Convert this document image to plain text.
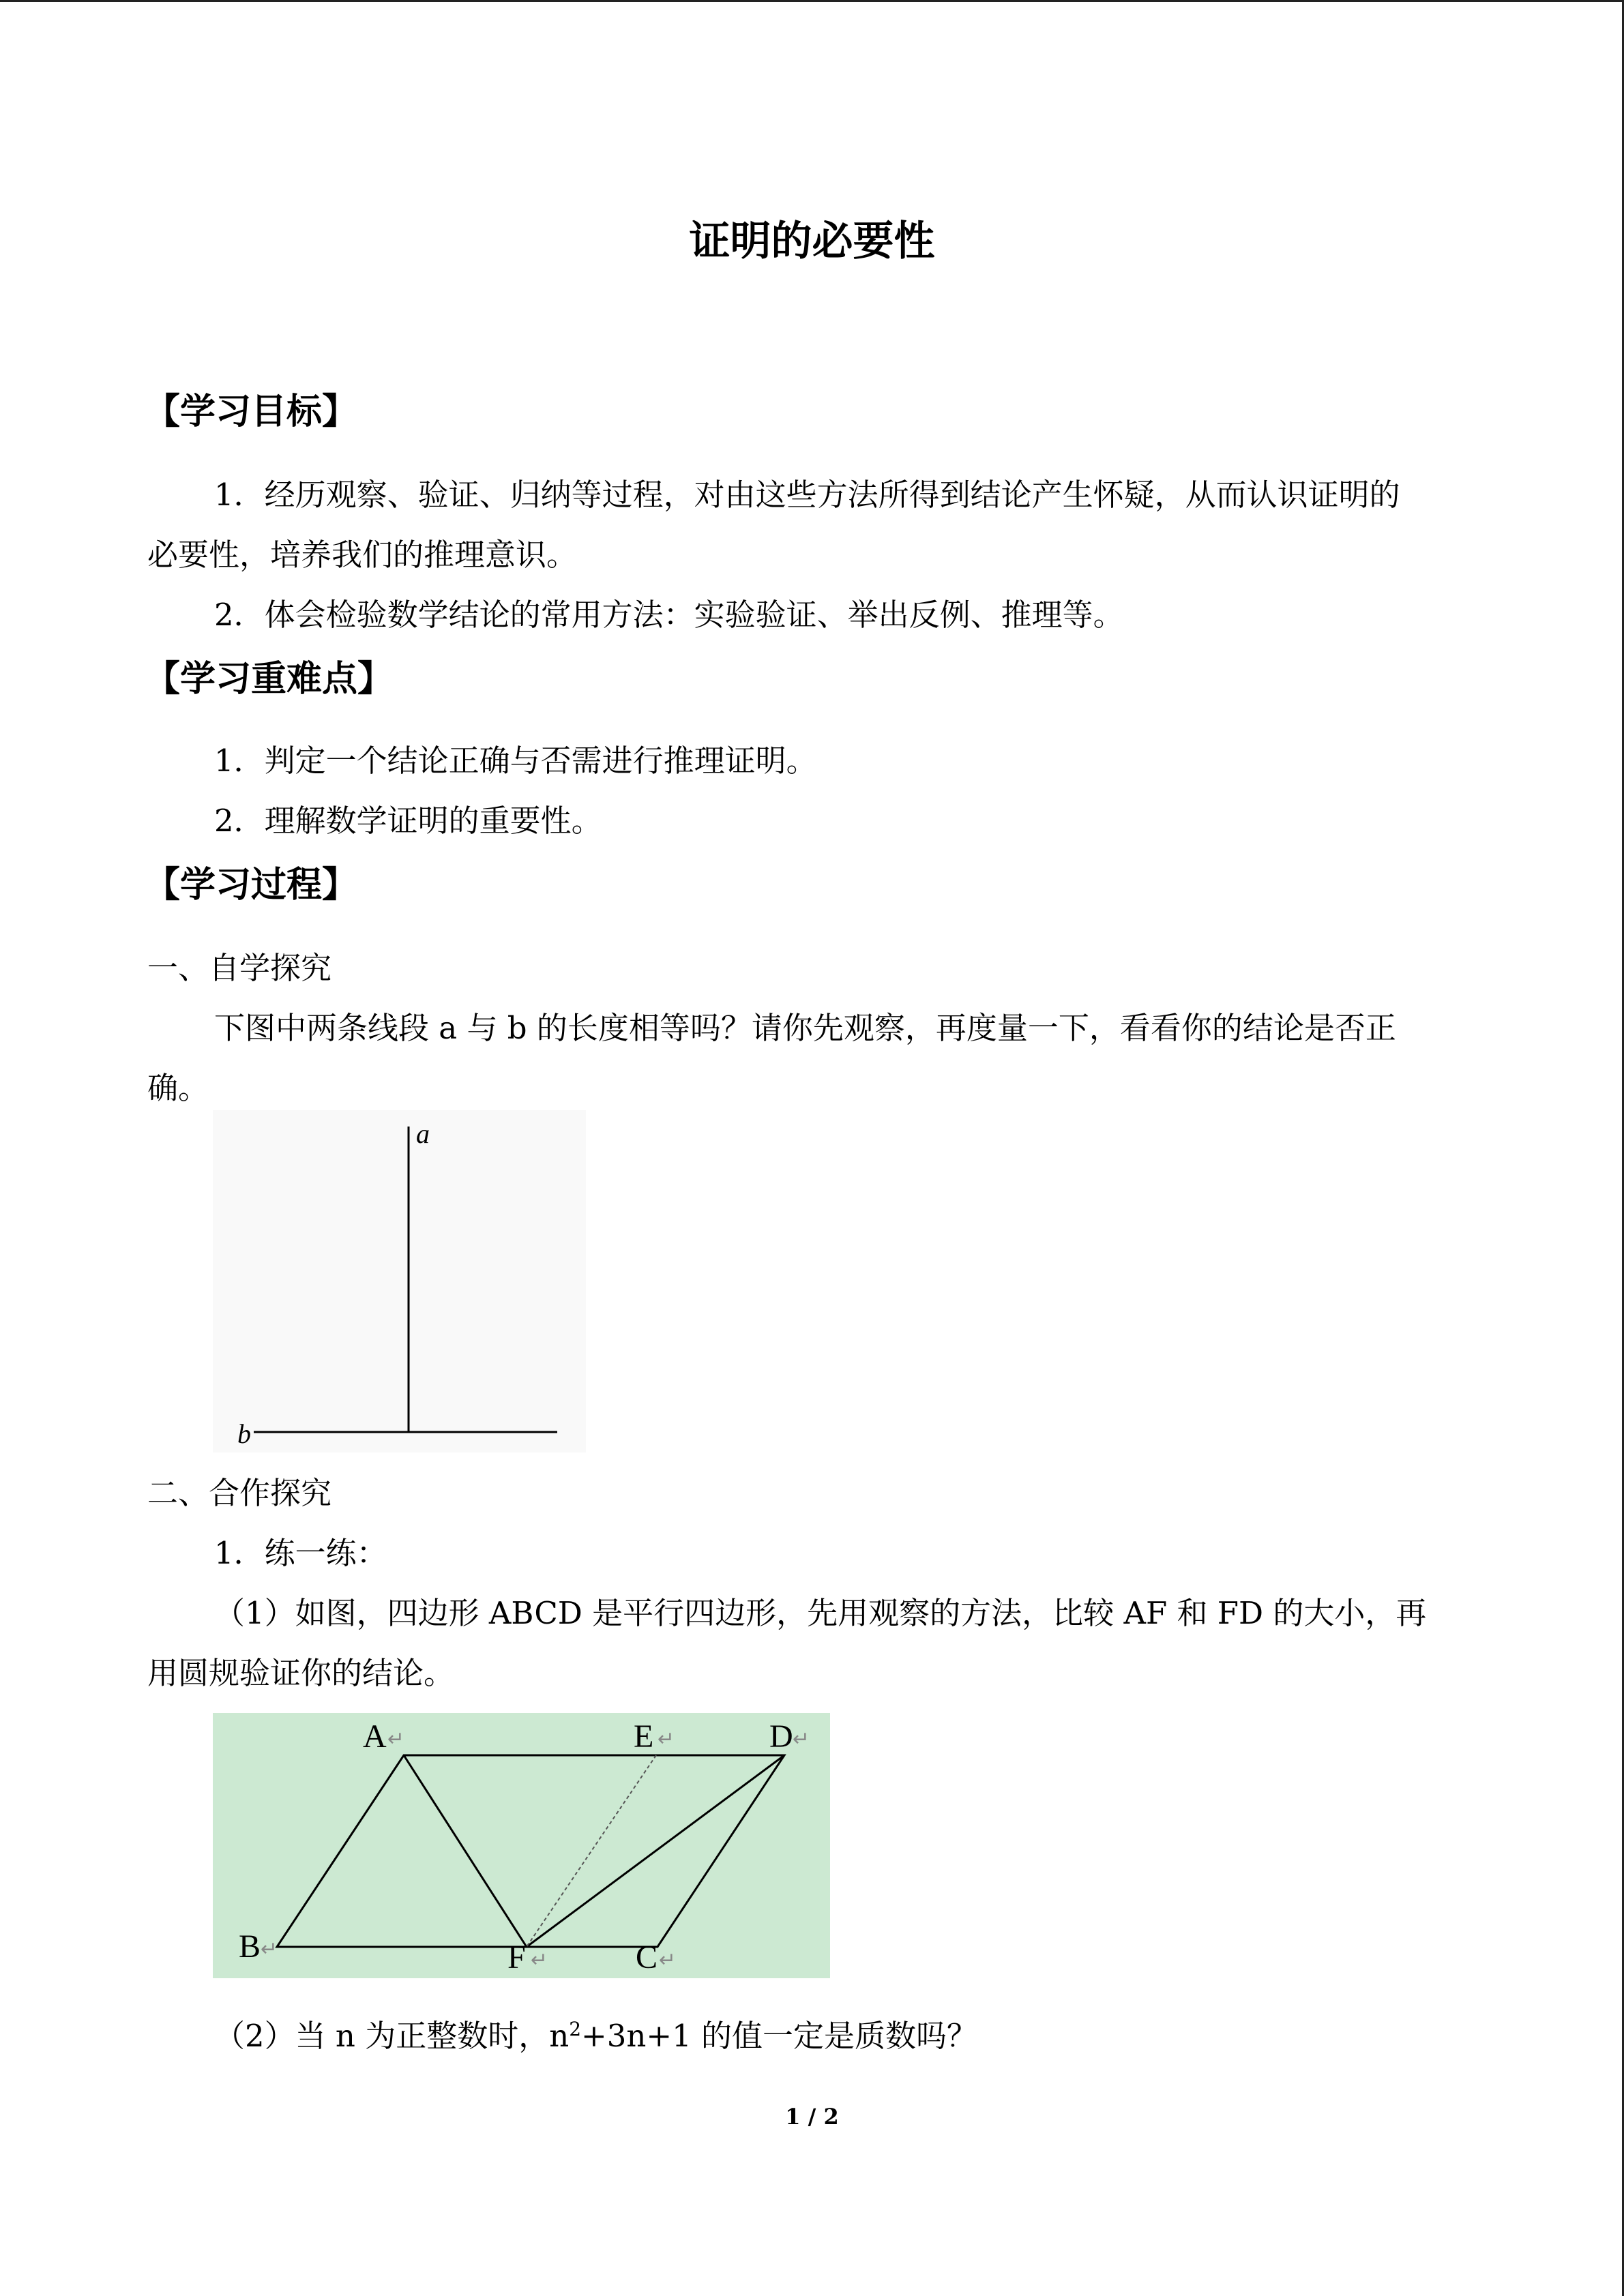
证明的必要性
【学习目标】
1．经历观察、验证、归纳等过程，对由这些方法所得到结论产生怀疑，从而认识证明的
必要性，培养我们的推理意识。
2．体会检验数学结论的常用方法：实验验证、举出反例、推理等。
【学习重难点】
1．判定一个结论正确与否需进行推理证明。
2．理解数学证明的重要性。
【学习过程】
一、自学探究
下图中两条线段 a 与 b 的长度相等吗？请你先观察，再度量一下，看看你的结论是否正
确。
a
b
二、合作探究
1．练一练：
（1）如图，四边形 ABCD 是平行四边形，先用观察的方法，比较 AF 和 FD 的大小，再
用圆规验证你的结论。
A	E	D
B	F	C
↵	↵	↵
↵	↵	↵
（2）当 n 为正整数时，$n^2+3n+1$ 的值一定是质数吗？
1 / 2
